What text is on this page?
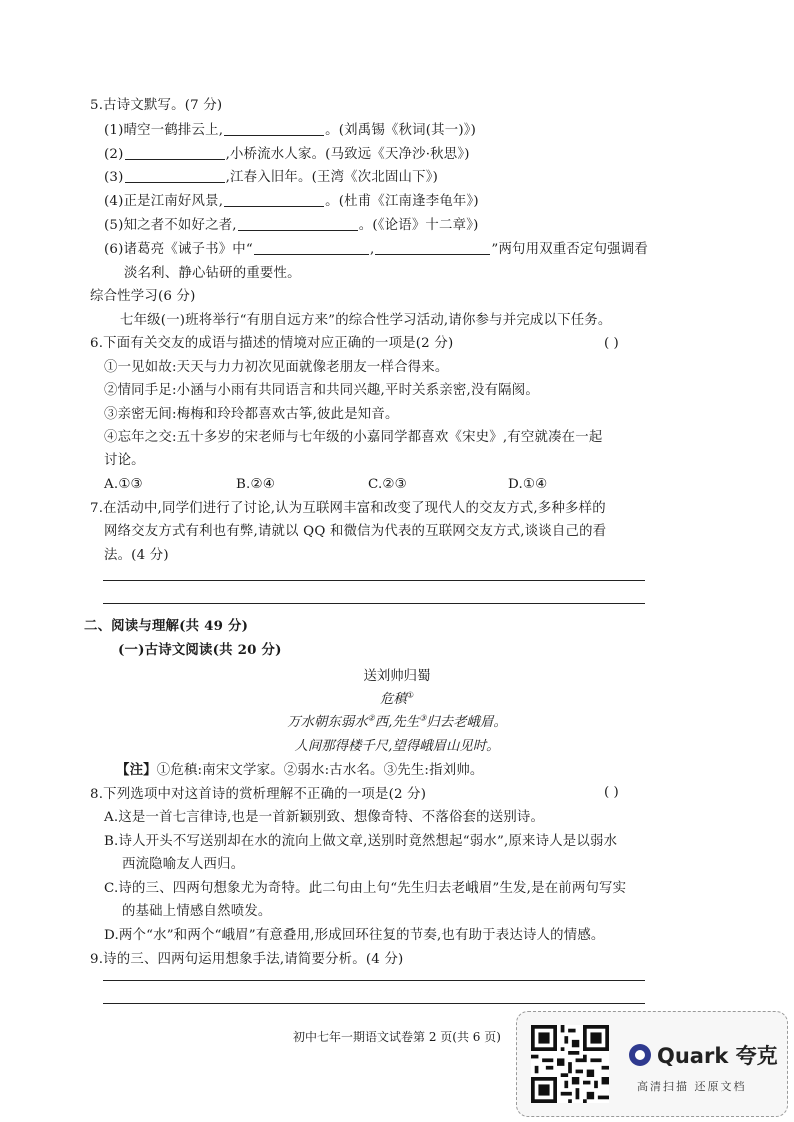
5.古诗文默写。(7 分)
(1)晴空一鹤排云上,	。(刘禹锡《秋词(其一)》)
(2)	,小桥流水人家。(马致远《天净沙·秋思》)
(3)	,江春入旧年。(王湾《次北固山下》)
(4)正是江南好风景,	。(杜甫《江南逢李龟年》)
(5)知之者不如好之者,	。(《论语》十二章》)
(6)诸葛亮《诫子书》中“	,	”两句用双重否定句强调看
淡名利、静心钻研的重要性。
综合性学习(6 分)
七年级(一)班将举行“有朋自远方来”的综合性学习活动,请你参与并完成以下任务。
6.下面有关交友的成语与描述的情境对应正确的一项是(2 分)	( )
①一见如故:天天与力力初次见面就像老朋友一样合得来。
②情同手足:小涵与小雨有共同语言和共同兴趣,平时关系亲密,没有隔阂。
③亲密无间:梅梅和玲玲都喜欢古筝,彼此是知音。
④忘年之交:五十多岁的宋老师与七年级的小嘉同学都喜欢《宋史》,有空就凑在一起
讨论。
A.①③	B.②④	C.②③	D.①④
7.在活动中,同学们进行了讨论,认为互联网丰富和改变了现代人的交友方式,多种多样的
网络交友方式有利也有弊,请就以 QQ 和微信为代表的互联网交友方式,谈谈自己的看
法。(4 分)
二、阅读与理解(共 49 分)
(一)古诗文阅读(共 20 分)
送刘帅归蜀
危稹①
万水朝东弱水②西,先生③归去老峨眉。
人间那得楼千尺,望得峨眉山见时。
【注】①危稹:南宋文学家。②弱水:古水名。③先生:指刘帅。
8.下列选项中对这首诗的赏析理解不正确的一项是(2 分)	( )
A.这是一首七言律诗,也是一首新颖别致、想像奇特、不落俗套的送别诗。
B.诗人开头不写送别却在水的流向上做文章,送别时竟然想起“弱水”,原来诗人是以弱水
西流隐喻友人西归。
C.诗的三、四两句想象尤为奇特。此二句由上句“先生归去老峨眉”生发,是在前两句写实
的基础上情感自然喷发。
D.两个“水”和两个“峨眉”有意叠用,形成回环往复的节奏,也有助于表达诗人的情感。
9.诗的三、四两句运用想象手法,请简要分析。(4 分)
初中七年一期语文试卷第 2 页(共 6 页)
Quark 夸克
高清扫描 还原文档
